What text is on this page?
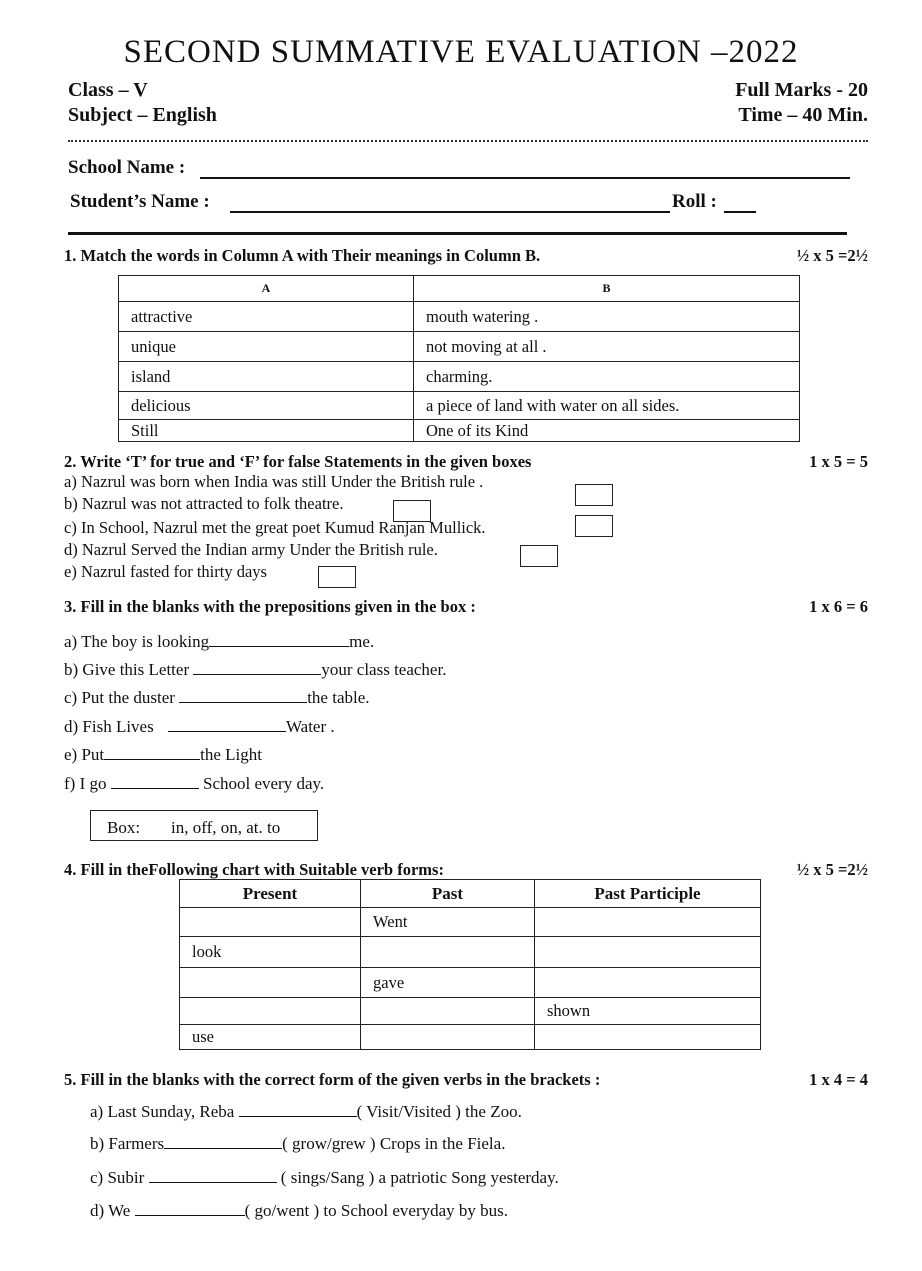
SECOND SUMMATIVE EVALUATION –2022
Class – V
Subject – English
Full Marks - 20
Time – 40 Min.
School Name :
Student’s Name :	Roll :
1. Match the words in Column A with Their meanings in Column B.	½ x 5 =2½
A	B
attractive	mouth watering .
unique	not moving at all .
island	charming.
delicious	a piece of land with water on all sides.
Still	One of its Kind
2. Write ‘T’ for true and ‘F’ for false Statements in the given boxes	1 x 5 = 5
a) Nazrul was born when India was still Under the British rule .
b) Nazrul was not attracted to folk theatre.
c) In School, Nazrul met the great poet Kumud Ranjan Mullick.
d) Nazrul Served the Indian army Under the British rule.
e) Nazrul fasted for thirty days
3. Fill in the blanks with the prepositions given in the box :	1 x 6 = 6
a) The boy is looking	me.
b) Give this Letter	your class teacher.
c) Put the duster	the table.
d) Fish Lives	Water .
e) Put	the Light
f) I go	School every day.
Box: in, off, on, at. to
4. Fill in theFollowing chart with Suitable verb forms:	½ x 5 =2½
Present	Past	Past Participle
	Went	
look		
	gave	
		shown
use		
5. Fill in the blanks with the correct form of the given verbs in the brackets :	1 x 4 = 4
a) Last Sunday, Reba	( Visit/Visited ) the Zoo.
b) Farmers	( grow/grew ) Crops in the Fiela.
c) Subir	( sings/Sang ) a patriotic Song yesterday.
d) We	( go/went ) to School everyday by bus.
